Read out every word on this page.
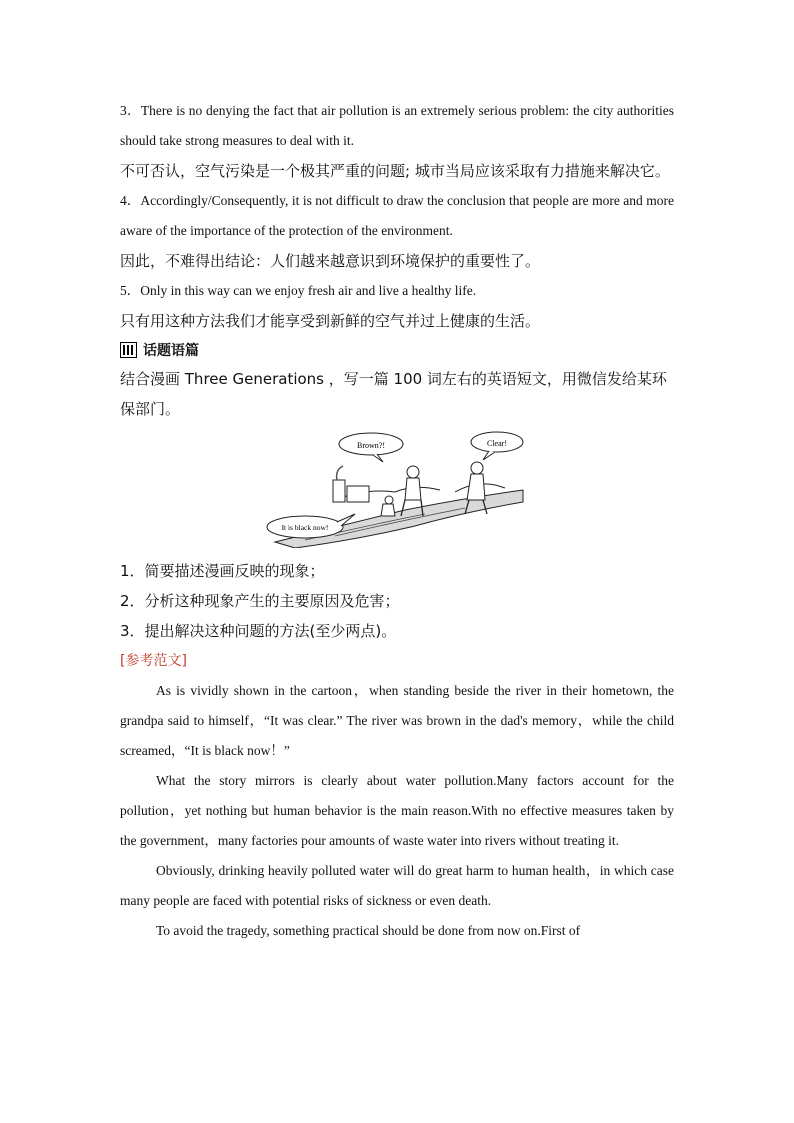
3．There is no denying the fact that air pollution is an extremely serious problem: the city authorities should take strong measures to deal with it.

不可否认，空气污染是一个极其严重的问题; 城市当局应该采取有力措施来解决它。

4．Accordingly/Consequently, it is not difficult to draw the conclusion that people are more and more aware of the importance of the protection of the environment.

因此，不难得出结论：人们越来越意识到环境保护的重要性了。

5．Only in this way can we enjoy fresh air and live a healthy life.

只有用这种方法我们才能享受到新鲜的空气并过上健康的生活。

话题语篇

结合漫画 Three Generations ，写一篇 100 词左右的英语短文，用微信发给某环保部门。

Brown?!	Clear!
It is black now!

1．简要描述漫画反映的现象；

2．分析这种现象产生的主要原因及危害；

3．提出解决这种问题的方法(至少两点)。

[参考范文]

As is vividly shown in the cartoon，when standing beside the river in their hometown, the grandpa said to himself，“It was clear.” The river was brown in the dad's memory，while the child screamed，“It is black now！”

What the story mirrors is clearly about water pollution.Many factors account for the pollution，yet nothing but human behavior is the main reason.With no effective measures taken by the government，many factories pour amounts of waste water into rivers without treating it.

Obviously, drinking heavily polluted water will do great harm to human health，in which case many people are faced with potential risks of sickness or even death.

To avoid the tragedy, something practical should be done from now on.First of
